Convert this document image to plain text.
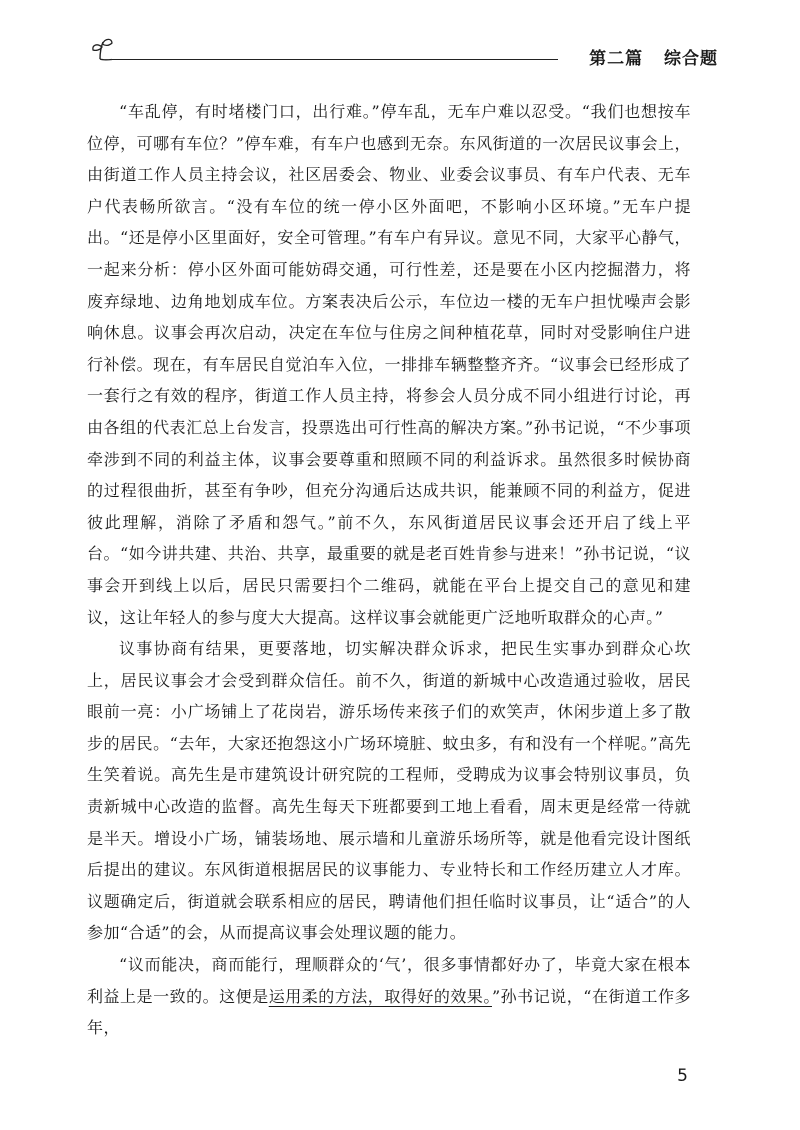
第二篇 综合题

“车乱停，有时堵楼门口，出行难。”停车乱，无车户难以忍受。“我们也想按车位停，可哪有车位？”停车难，有车户也感到无奈。东风街道的一次居民议事会上，由街道工作人员主持会议，社区居委会、物业、业委会议事员、有车户代表、无车户代表畅所欲言。“没有车位的统一停小区外面吧，不影响小区环境。”无车户提出。“还是停小区里面好，安全可管理。”有车户有异议。意见不同，大家平心静气，一起来分析：停小区外面可能妨碍交通，可行性差，还是要在小区内挖掘潜力，将废弃绿地、边角地划成车位。方案表决后公示，车位边一楼的无车户担忧噪声会影响休息。议事会再次启动，决定在车位与住房之间种植花草，同时对受影响住户进行补偿。现在，有车居民自觉泊车入位，一排排车辆整整齐齐。“议事会已经形成了一套行之有效的程序，街道工作人员主持，将参会人员分成不同小组进行讨论，再由各组的代表汇总上台发言，投票选出可行性高的解决方案。”孙书记说，“不少事项牵涉到不同的利益主体，议事会要尊重和照顾不同的利益诉求。虽然很多时候协商的过程很曲折，甚至有争吵，但充分沟通后达成共识，能兼顾不同的利益方，促进彼此理解，消除了矛盾和怨气。”前不久，东风街道居民议事会还开启了线上平台。“如今讲共建、共治、共享，最重要的就是老百姓肯参与进来！”孙书记说，“议事会开到线上以后，居民只需要扫个二维码，就能在平台上提交自己的意见和建议，这让年轻人的参与度大大提高。这样议事会就能更广泛地听取群众的心声。”

议事协商有结果，更要落地，切实解决群众诉求，把民生实事办到群众心坎上，居民议事会才会受到群众信任。前不久，街道的新城中心改造通过验收，居民眼前一亮：小广场铺上了花岗岩，游乐场传来孩子们的欢笑声，休闲步道上多了散步的居民。“去年，大家还抱怨这小广场环境脏、蚊虫多，有和没有一个样呢。”高先生笑着说。高先生是市建筑设计研究院的工程师，受聘成为议事会特别议事员，负责新城中心改造的监督。高先生每天下班都要到工地上看看，周末更是经常一待就是半天。增设小广场，铺装场地、展示墙和儿童游乐场所等，就是他看完设计图纸后提出的建议。东风街道根据居民的议事能力、专业特长和工作经历建立人才库。议题确定后，街道就会联系相应的居民，聘请他们担任临时议事员，让“适合”的人参加“合适”的会，从而提高议事会处理议题的能力。

“议而能决，商而能行，理顺群众的‘气’，很多事情都好办了，毕竟大家在根本利益上是一致的。这便是运用柔的方法，取得好的效果。”孙书记说，“在街道工作多年，

5
